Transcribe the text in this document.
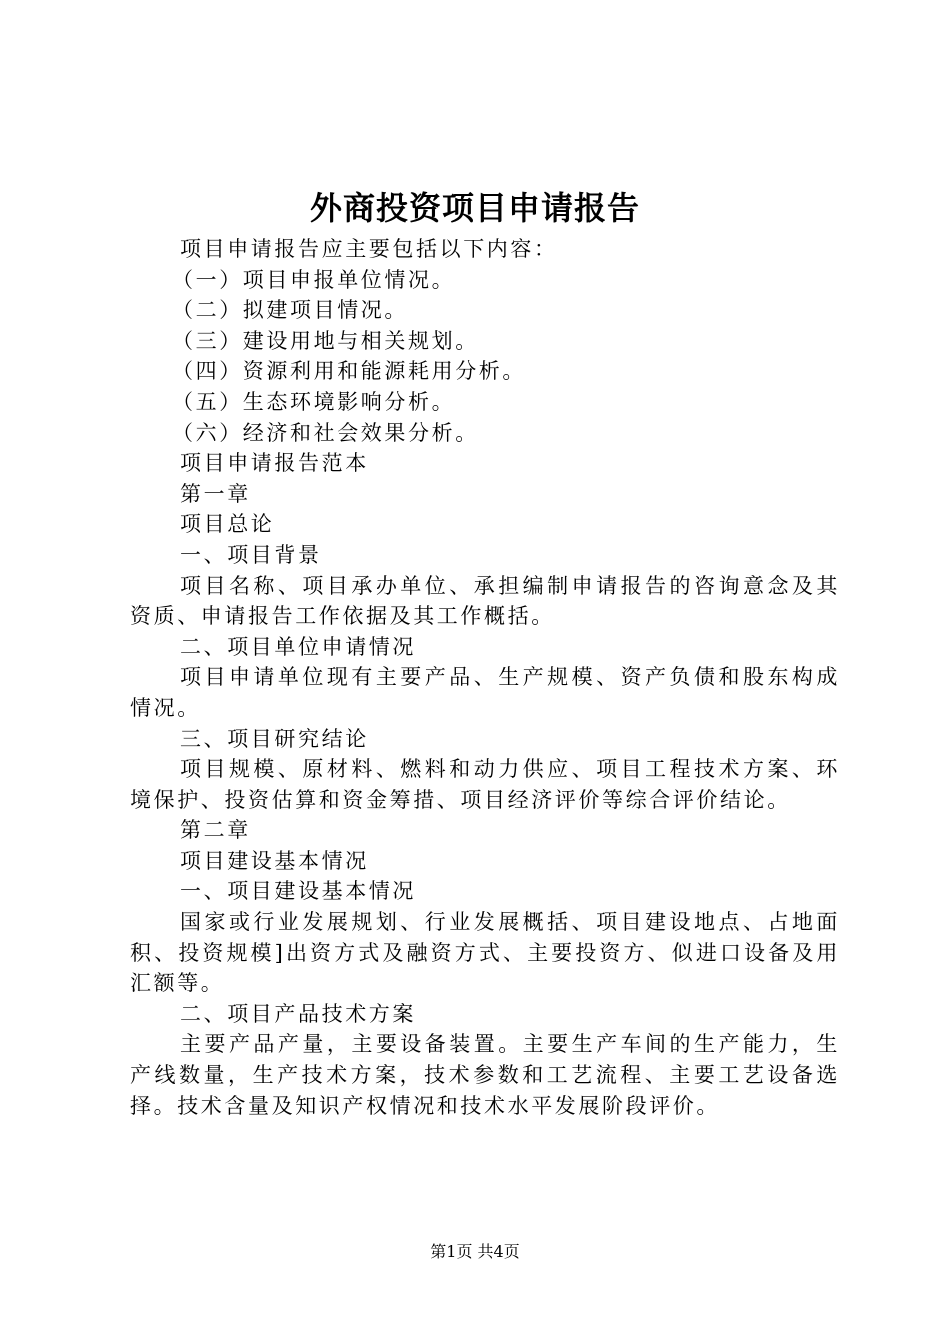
外商投资项目申请报告

项目申请报告应主要包括以下内容：

（一）项目申报单位情况。

（二）拟建项目情况。

（三）建设用地与相关规划。

（四）资源利用和能源耗用分析。

（五）生态环境影响分析。

（六）经济和社会效果分析。

项目申请报告范本

第一章

项目总论

一、项目背景

项目名称、项目承办单位、承担编制申请报告的咨询意念及其资质、申请报告工作依据及其工作概括。

二、项目单位申请情况

项目申请单位现有主要产品、生产规模、资产负债和股东构成情况。

三、项目研究结论

项目规模、原材料、燃料和动力供应、项目工程技术方案、环境保护、投资估算和资金筹措、项目经济评价等综合评价结论。

第二章

项目建设基本情况

一、项目建设基本情况

国家或行业发展规划、行业发展概括、项目建设地点、占地面积、投资规模]出资方式及融资方式、主要投资方、似进口设备及用汇额等。

二、项目产品技术方案

主要产品产量，主要设备装置。主要生产车间的生产能力，生产线数量，生产技术方案，技术参数和工艺流程、主要工艺设备选择。技术含量及知识产权情况和技术水平发展阶段评价。

第1页 共4页
